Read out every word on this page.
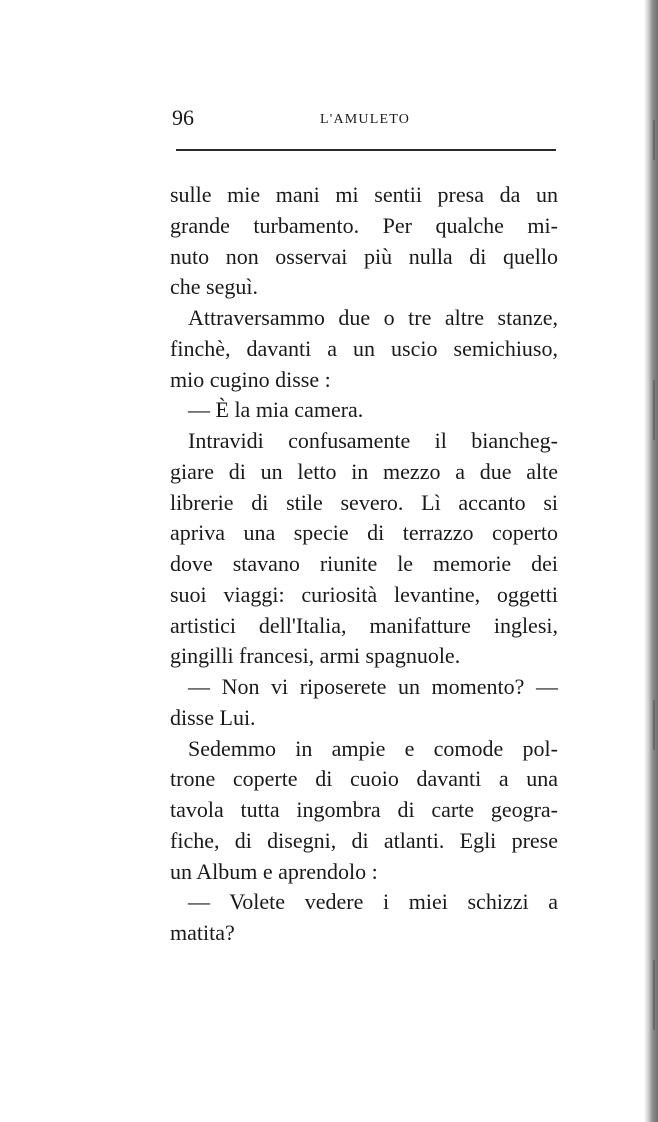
96	L'AMULETO
sulle mie mani mi sentii presa da un
grande turbamento. Per qualche mi-
nuto non osservai più nulla di quello
che seguì.
Attraversammo due o tre altre stanze,
finchè, davanti a un uscio semichiuso,
mio cugino disse :
— È la mia camera.
Intravidi confusamente il biancheg-
giare di un letto in mezzo a due alte
librerie di stile severo. Lì accanto si
apriva una specie di terrazzo coperto
dove stavano riunite le memorie dei
suoi viaggi: curiosità levantine, oggetti
artistici dell'Italia, manifatture inglesi,
gingilli francesi, armi spagnuole.
— Non vi riposerete un momento? —
disse Lui.
Sedemmo in ampie e comode pol-
trone coperte di cuoio davanti a una
tavola tutta ingombra di carte geogra-
fiche, di disegni, di atlanti. Egli prese
un Album e aprendolo :
— Volete vedere i miei schizzi a
matita?
